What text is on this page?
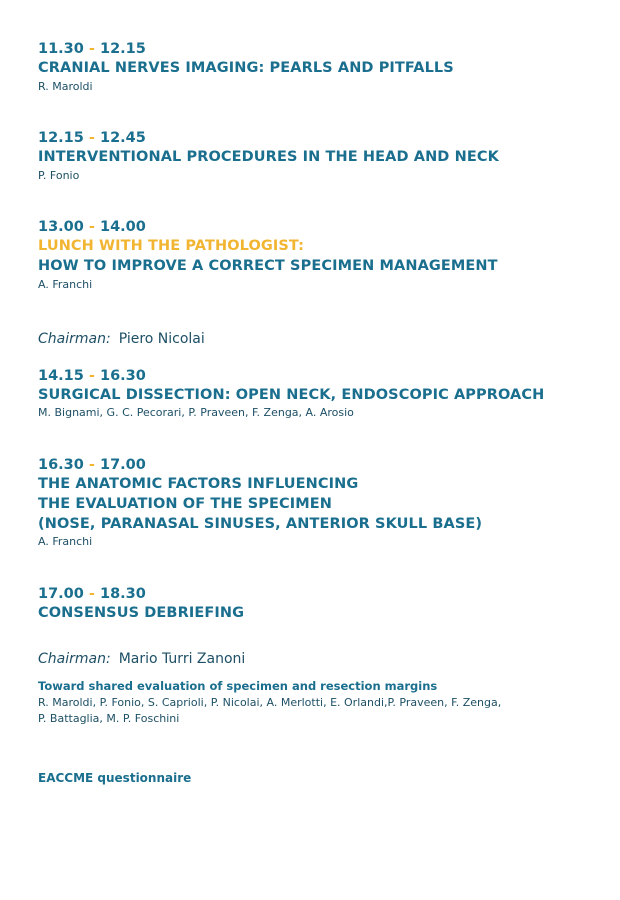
11.30 - 12.15
CRANIAL NERVES IMAGING: PEARLS AND PITFALLS
R. Maroldi
12.15 - 12.45
INTERVENTIONAL PROCEDURES IN THE HEAD AND NECK
P. Fonio
13.00 - 14.00
LUNCH WITH THE PATHOLOGIST:
HOW TO IMPROVE A CORRECT SPECIMEN MANAGEMENT
A. Franchi
Chairman: Piero Nicolai
14.15 - 16.30
SURGICAL DISSECTION: OPEN NECK, ENDOSCOPIC APPROACH
M. Bignami, G. C. Pecorari, P. Praveen, F. Zenga, A. Arosio
16.30 - 17.00
THE ANATOMIC FACTORS INFLUENCING
THE EVALUATION OF THE SPECIMEN
(NOSE, PARANASAL SINUSES, ANTERIOR SKULL BASE)
A. Franchi
17.00 - 18.30
CONSENSUS DEBRIEFING
Chairman: Mario Turri Zanoni
Toward shared evaluation of specimen and resection margins
R. Maroldi, P. Fonio, S. Caprioli, P. Nicolai, A. Merlotti, E. Orlandi,P. Praveen, F. Zenga,
P. Battaglia, M. P. Foschini
EACCME questionnaire
